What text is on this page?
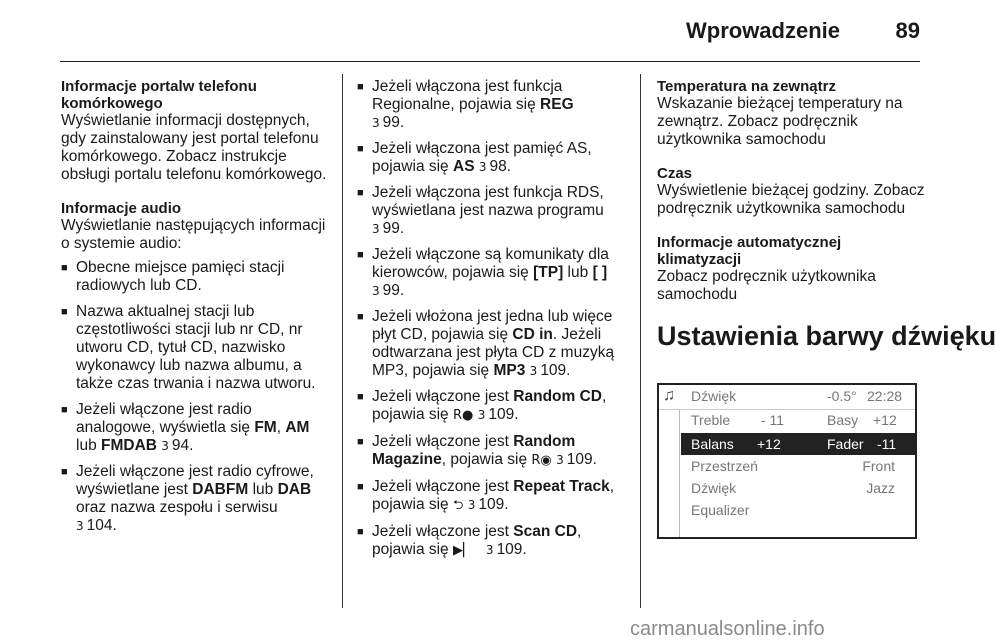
Wprowadzenie	89
Informacje portalw telefonu komórkowego

Wyświetlanie informacji dostępnych, gdy zainstalowany jest portal telefonu komórkowego. Zobacz instrukcje obsługi portalu telefonu komórkowego.

Informacje audio

Wyświetlanie następujących informacji o systemie audio:

■ Obecne miejsce pamięci stacji radiowych lub CD.
■ Nazwa aktualnej stacji lub częstotliwości stacji lub nr CD, nr utworu CD, tytuł CD, nazwisko wykonawcy lub nazwa albumu, a także czas trwania i nazwa utworu.
■ Jeżeli włączone jest radio analogowe, wyświetla się FM, AM lub FMDAB 3 94.
■ Jeżeli włączone jest radio cyfrowe, wyświetlane jest DABFM lub DAB oraz nazwa zespołu i serwisu
3 104.
■ Jeżeli włączona jest funkcja Regionalne, pojawia się REG
3 99.
■ Jeżeli włączona jest pamięć AS, pojawia się AS 3 98.
■ Jeżeli włączona jest funkcja RDS, wyświetlana jest nazwa programu
3 99.
■ Jeżeli włączone są komunikaty dla kierowców, pojawia się [TP] lub [ ]
3 99.
■ Jeżeli włożona jest jedna lub więce płyt CD, pojawia się CD in. Jeżeli odtwarzana jest płyta CD z muzyką MP3, pojawia się MP3 3 109.
■ Jeżeli włączone jest Random CD, pojawia się R● 3 109.
■ Jeżeli włączone jest Random Magazine, pojawia się R◉ 3 109.
■ Jeżeli włączone jest Repeat Track, pojawia się ⮌ 3 109.
■ Jeżeli włączone jest Scan CD, pojawia się ▶▏ 3 109.
Temperatura na zewnątrz

Wskazanie bieżącej temperatury na zewnątrz. Zobacz podręcznik użytkownika samochodu

Czas

Wyświetlenie bieżącej godziny. Zobacz podręcznik użytkownika samochodu

Informacje automatycznej klimatyzacji

Zobacz podręcznik użytkownika samochodu

Ustawienia barwy dźwięku
♫ Dźwięk	-0.5° 22:28
Treble - 11	Basy +12
Balans +12	Fader -11
Przestrzeń	Front
Dźwięk	Jazz
Equalizer
carmanualsonline.info
